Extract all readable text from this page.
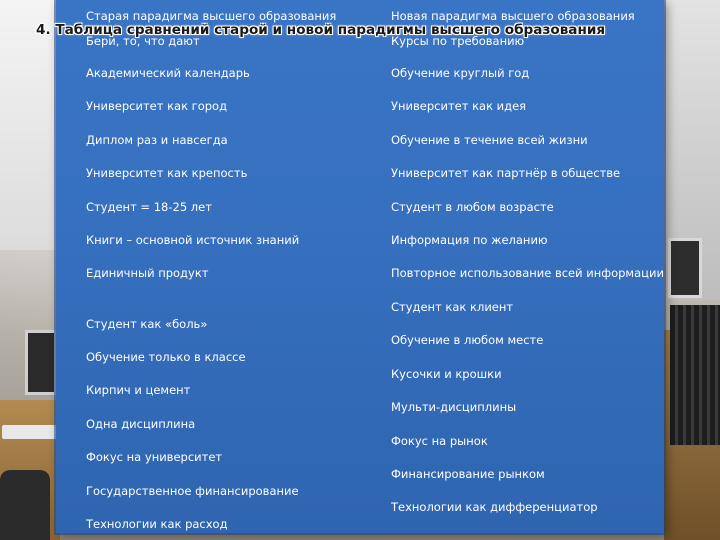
Старая парадигма высшего образования
Бери, то, что дают
Академический календарь
Университет как город
Диплом раз и навсегда
Университет как крепость
Студент = 18-25 лет
Книги – основной источник знаний
Единичный продукт
Студент как «боль»
Обучение только в классе
Кирпич и цемент
Одна дисциплина
Фокус на университет
Государственное финансирование
Технологии как расход
Новая парадигма высшего образования
Курсы по требованию
Обучение круглый год
Университет как идея
Обучение в течение всей жизни
Университет как партнёр в обществе
Студент в любом возрасте
Информация по желанию
Повторное использование всей информации
Студент как клиент
Обучение в любом месте
Кусочки и крошки
Мульти-дисциплины
Фокус на рынок
Финансирование рынком
Технологии как дифференциатор
4. Таблица сравнений старой и новой парадигмы высшего образования
